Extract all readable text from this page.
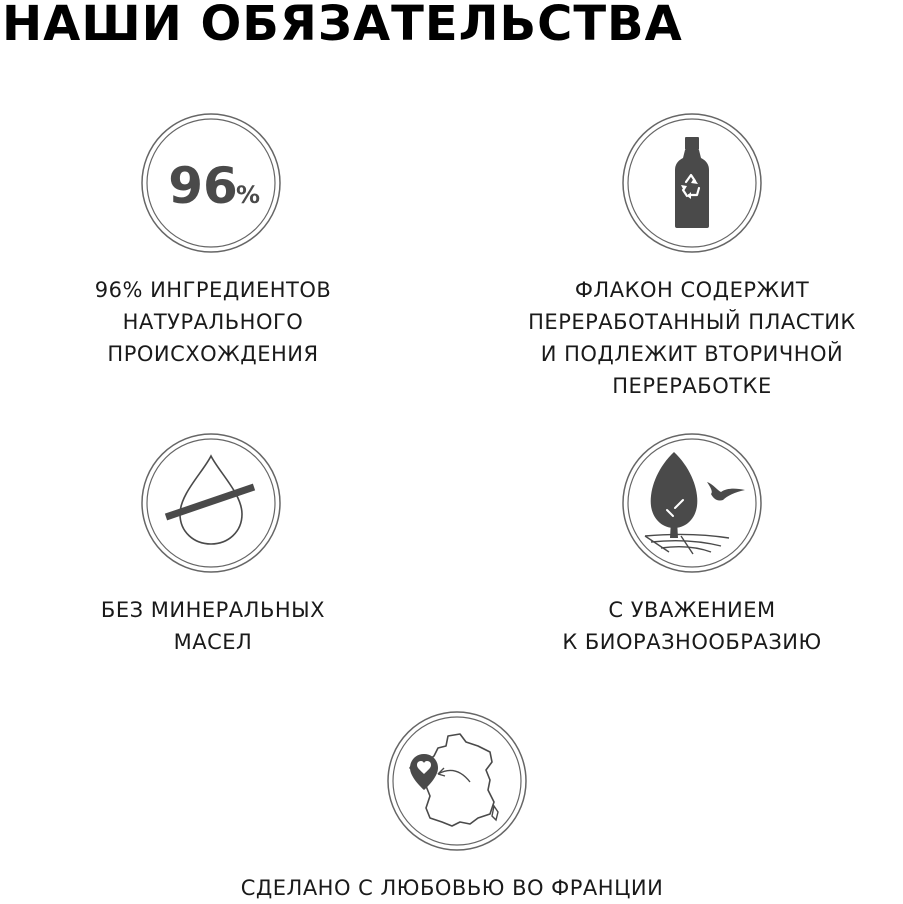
НАШИ ОБЯЗАТЕЛЬСТВА
96
%
96% ИНГРЕДИЕНТОВ
НАТУРАЛЬНОГО
ПРОИСХОЖДЕНИЯ
ФЛАКОН СОДЕРЖИТ
ПЕРЕРАБОТАННЫЙ ПЛАСТИК
И ПОДЛЕЖИТ ВТОРИЧНОЙ
ПЕРЕРАБОТКЕ
БЕЗ МИНЕРАЛЬНЫХ
МАСЕЛ
С УВАЖЕНИЕМ
К БИОРАЗНООБРАЗИЮ
СДЕЛАНО С ЛЮБОВЬЮ ВО ФРАНЦИИ
